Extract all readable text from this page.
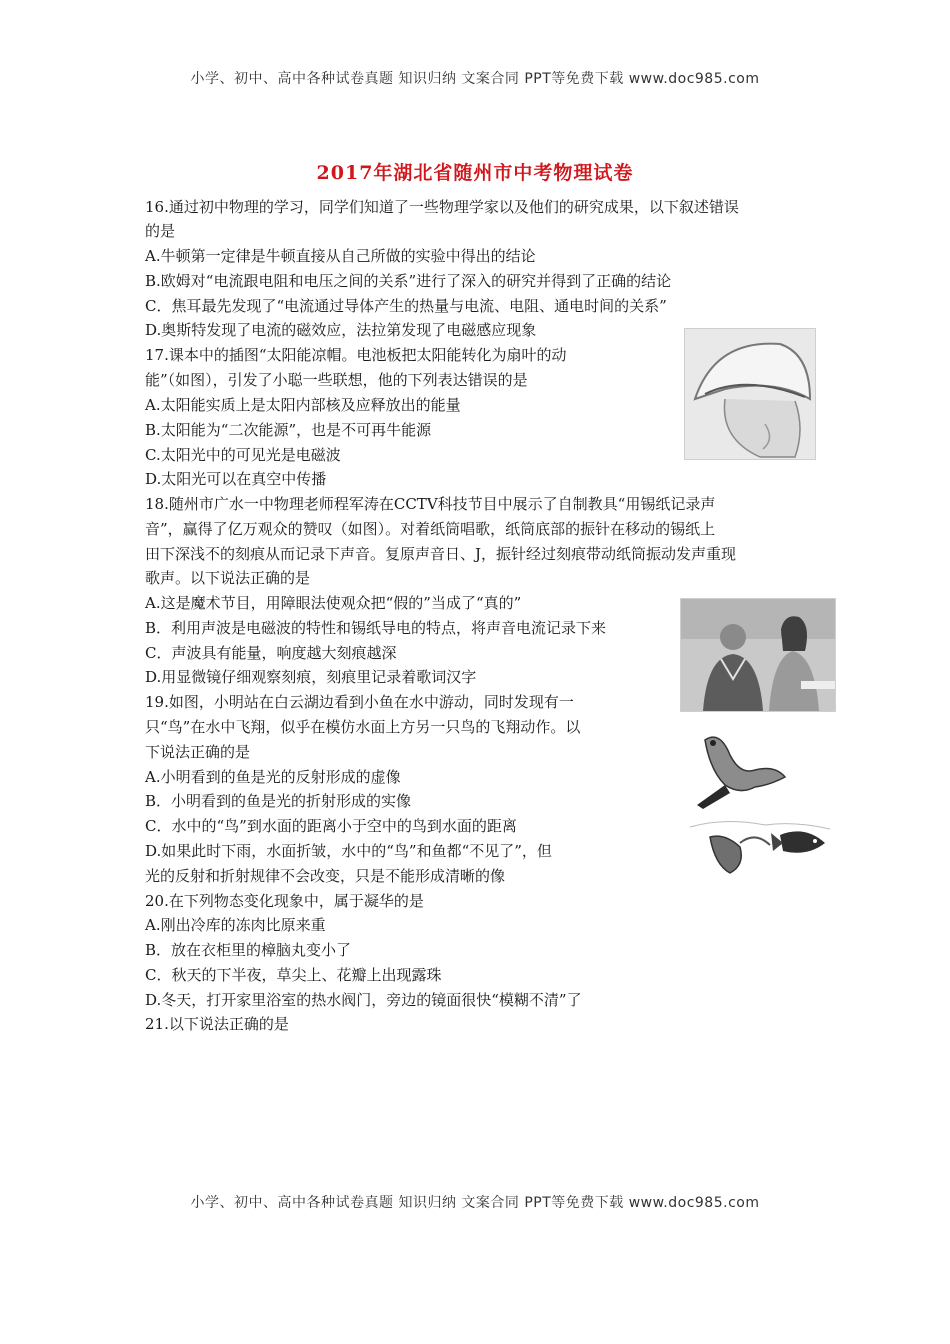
小学、初中、高中各种试卷真题 知识归纳 文案合同 PPT等免费下载 www.doc985.com
2017年湖北省随州市中考物理试卷
16.通过初中物理的学习，同学们知道了一些物理学家以及他们的研究成果，以下叙述错误
的是
A.牛顿第一定律是牛顿直接从自己所做的实验中得出的结论
B.欧姆对“电流跟电阻和电压之间的关系”进行了深入的研究并得到了正确的结论
C．焦耳最先发现了“电流通过导体产生的热量与电流、电阻、通电时间的关系”
D.奥斯特发现了电流的磁效应，法拉第发现了电磁感应现象
17.课本中的插图“太阳能凉帽。电池板把太阳能转化为扇叶的动
能”（如图），引发了小聪一些联想，他的下列表达错误的是
A.太阳能实质上是太阳内部核及应释放出的能量
B.太阳能为“二次能源”，也是不可再牛能源
C.太阳光中的可见光是电磁波
D.太阳光可以在真空中传播
18.随州市广水一中物理老师程军涛在CCTV科技节目中展示了自制教具“用锡纸记录声
音”，赢得了亿万观众的赞叹（如图）。对着纸筒唱歌，纸筒底部的振针在移动的锡纸上
田下深浅不的刻痕从而记录下声音。复原声音日、J，振针经过刻痕带动纸筒振动发声重现
歌声。以下说法正确的是
A.这是魔术节目，用障眼法使观众把“假的”当成了“真的”
B．利用声波是电磁波的特性和锡纸导电的特点，将声音电流记录下来
C．声波具有能量，响度越大刻痕越深
D.用显微镜仔细观察刻痕，刻痕里记录着歌词汉字
19.如图，小明站在白云湖边看到小鱼在水中游动，同时发现有一
只“鸟”在水中飞翔，似乎在模仿水面上方另一只鸟的飞翔动作。以
下说法正确的是
A.小明看到的鱼是光的反射形成的虚像
B．小明看到的鱼是光的折射形成的实像
C．水中的“鸟”到水面的距离小于空中的鸟到水面的距离
D.如果此时下雨，水面折皱，水中的“鸟”和鱼都“不见了”，但
光的反射和折射规律不会改变，只是不能形成清晰的像
20.在下列物态变化现象中，属于凝华的是
A.刚出冷库的冻肉比原来重
B．放在衣柜里的樟脑丸变小了
C．秋天的下半夜，草尖上、花瓣上出现露珠
D.冬天，打开家里浴室的热水阀门，旁边的镜面很快“模糊不清”了
21.以下说法正确的是
小学、初中、高中各种试卷真题 知识归纳 文案合同 PPT等免费下载 www.doc985.com
